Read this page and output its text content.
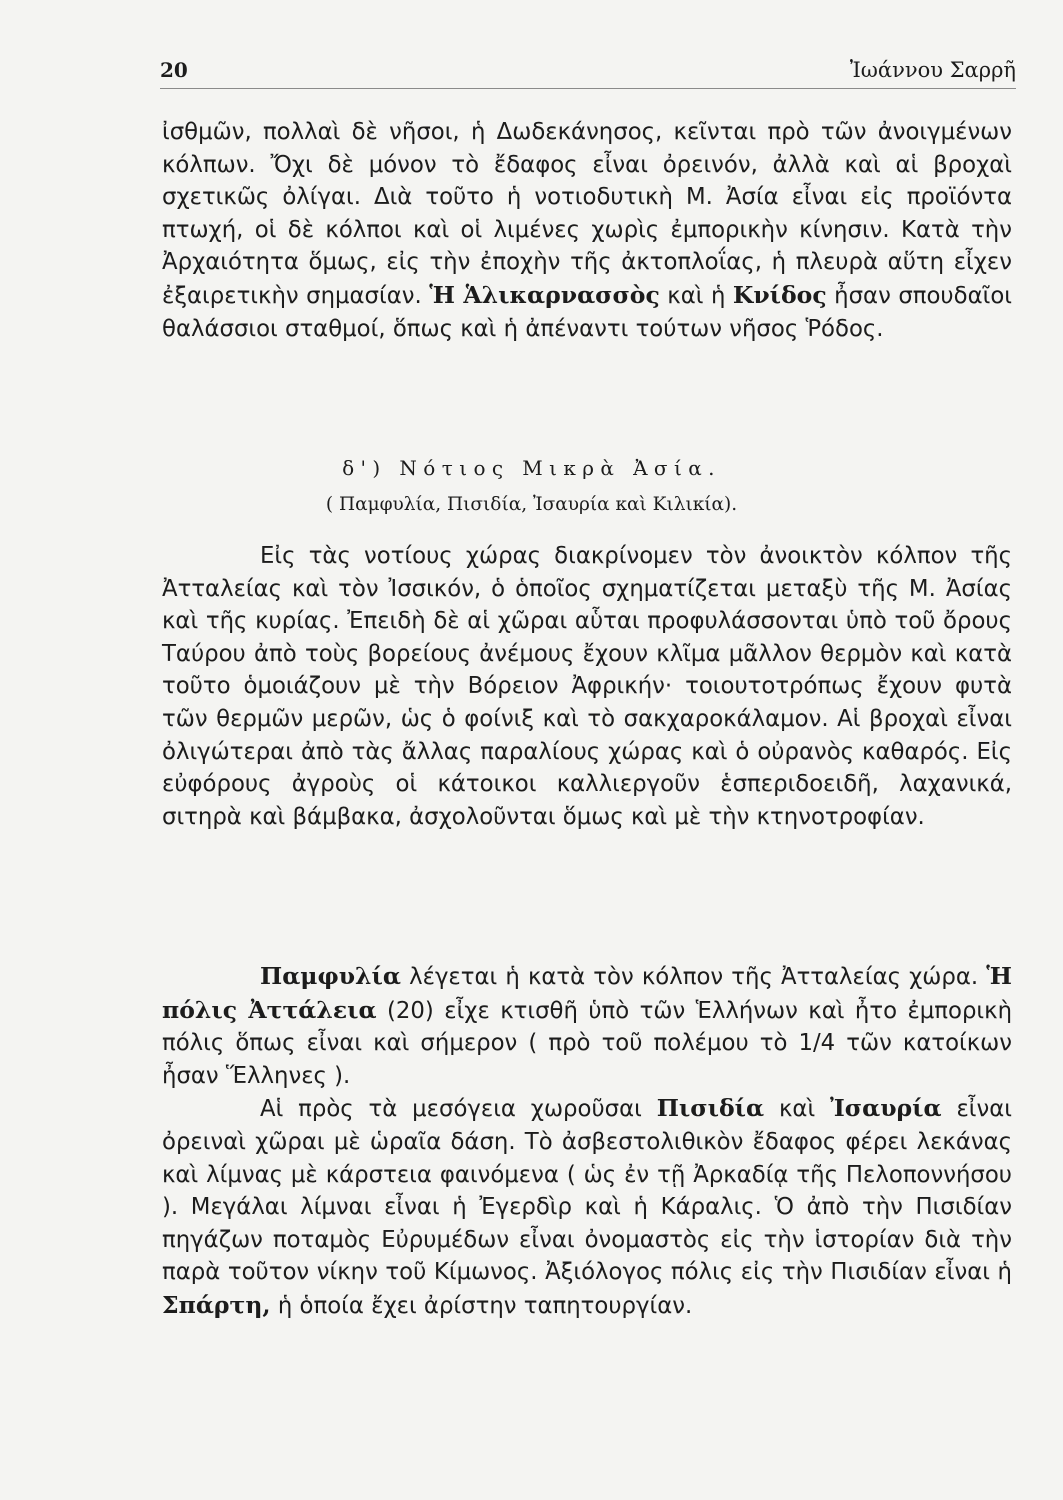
20	Ἰωάννου Σαρρῆ

ἰσθμῶν, πολλαὶ δὲ νῆσοι, ἡ Δωδεκάνησος, κεῖνται πρὸ τῶν ἀνοιγμένων κόλπων. Ὄχι δὲ μόνον τὸ ἔδαφος εἶναι ὀρεινόν, ἀλλὰ καὶ αἱ βροχαὶ σχετικῶς ὀλίγαι. Διὰ τοῦτο ἡ νοτιοδυτικὴ Μ. Ἀσία εἶναι εἰς προϊόντα πτωχή, οἱ δὲ κόλποι καὶ οἱ λιμένες χωρὶς ἐμπορικὴν κίνησιν. Κατὰ τὴν Ἀρχαιότητα ὅμως, εἰς τὴν ἐποχὴν τῆς ἀκτοπλοΐας, ἡ πλευρὰ αὕτη εἶχεν ἐξαιρετικὴν σημασίαν. Ἡ Ἁλικαρνασσὸς καὶ ἡ Κνίδος ἦσαν σπουδαῖοι θαλάσσιοι σταθμοί, ὅπως καὶ ἡ ἀπέναντι τούτων νῆσος Ῥόδος.

δ') Νότιος Μικρὰ Ἀσία.
( Παμφυλία, Πισιδία, Ἰσαυρία καὶ Κιλικία).

Εἰς τὰς νοτίους χώρας διακρίνομεν τὸν ἀνοικτὸν κόλπον τῆς Ἀτταλείας καὶ τὸν Ἰσσικόν, ὁ ὁποῖος σχηματίζεται μεταξὺ τῆς Μ. Ἀσίας καὶ τῆς κυρίας. Ἐπειδὴ δὲ αἱ χῶραι αὗται προφυλάσσονται ὑπὸ τοῦ ὄρους Ταύρου ἀπὸ τοὺς βορείους ἀνέμους ἔχουν κλῖμα μᾶλλον θερμὸν καὶ κατὰ τοῦτο ὁμοιάζουν μὲ τὴν Βόρειον Ἀφρικήν· τοιουτοτρόπως ἔχουν φυτὰ τῶν θερμῶν μερῶν, ὡς ὁ φοίνιξ καὶ τὸ σακχαροκάλαμον. Αἱ βροχαὶ εἶναι ὀλιγώτεραι ἀπὸ τὰς ἄλλας παραλίους χώρας καὶ ὁ οὐρανὸς καθαρός. Εἰς εὐφόρους ἀγροὺς οἱ κάτοικοι καλλιεργοῦν ἑσπεριδοειδῆ, λαχανικά, σιτηρὰ καὶ βάμβακα, ἀσχολοῦνται ὅμως καὶ μὲ τὴν κτηνοτροφίαν.

Παμφυλία λέγεται ἡ κατὰ τὸν κόλπον τῆς Ἀτταλείας χώρα. Ἡ πόλις Ἀττάλεια (20) εἶχε κτισθῆ ὑπὸ τῶν Ἑλλήνων καὶ ἦτο ἐμπορικὴ πόλις ὅπως εἶναι καὶ σήμερον ( πρὸ τοῦ πολέμου τὸ 1/4 τῶν κατοίκων ἦσαν Ἕλληνες ).

Αἱ πρὸς τὰ μεσόγεια χωροῦσαι Πισιδία καὶ Ἰσαυρία εἶναι ὀρειναὶ χῶραι μὲ ὡραῖα δάση. Τὸ ἀσβεστολιθικὸν ἔδαφος φέρει λεκάνας καὶ λίμνας μὲ κάρστεια φαινόμενα ( ὡς ἐν τῇ Ἀρκαδίᾳ τῆς Πελοποννήσου ). Μεγάλαι λίμναι εἶναι ἡ Ἐγερδὶρ καὶ ἡ Κάραλις. Ὁ ἀπὸ τὴν Πισιδίαν πηγάζων ποταμὸς Εὐρυμέδων εἶναι ὀνομαστὸς εἰς τὴν ἱστορίαν διὰ τὴν παρὰ τοῦτον νίκην τοῦ Κίμωνος. Ἀξιόλογος πόλις εἰς τὴν Πισιδίαν εἶναι ἡ Σπάρτη, ἡ ὁποία ἔχει ἀρίστην ταπητουργίαν.
